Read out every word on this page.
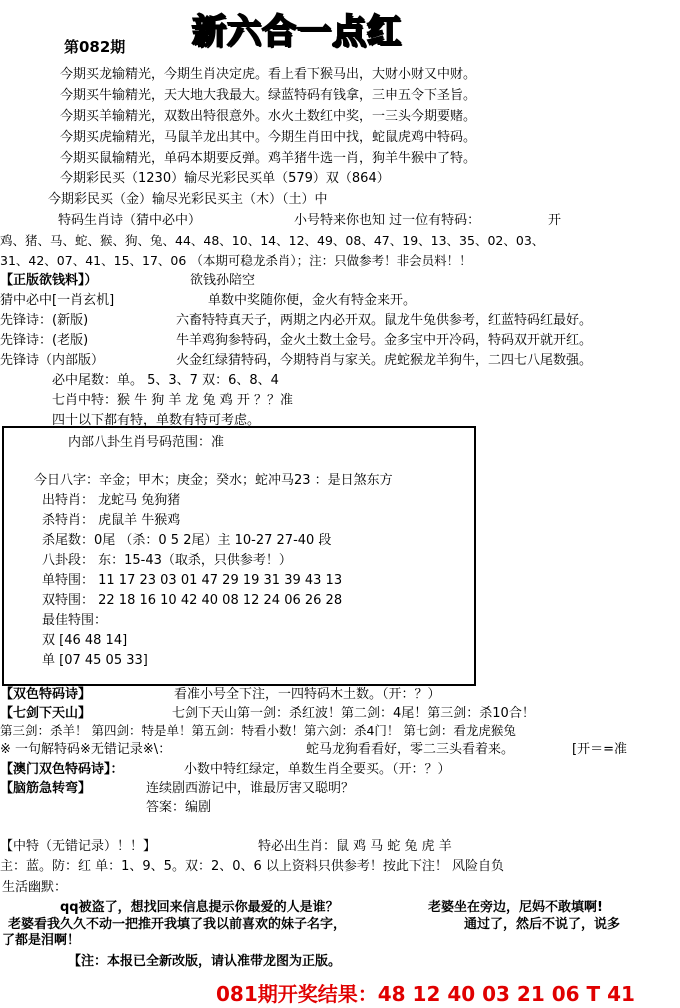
第082期 新六合一点红
今期买龙输精光，今期生肖决定虎。看上看下猴马出，大财小财又中财。
今期买牛输精光，天大地大我最大。绿蓝特码有钱拿，三申五令下圣旨。
今期买羊输精光，双数出特很意外。水火土数红中奖，一三头今期要赌。
今期买虎输精光，马鼠羊龙出其中。今期生肖田中找，蛇鼠虎鸡中特码。
今期买鼠输精光，单码本期要反弹。鸡羊猪牛选一肖，狗羊牛猴中了特。
今期彩民买（1230）输尽光彩民买单（579）双（864）
今期彩民买（金）输尽光彩民买主（木）（土）中
特码生肖诗（猜中必中）	小号特来你也知 过一位有特码：	开
鸡、猪、马、蛇、猴、狗、兔、44、48、10、14、12、49、08、47、19、13、35、02、03、
31、42、07、41、15、17、06 （本期可稳龙杀肖）；注：只做参考！非会员料！！
【正版欲钱料】）	欲钱孙陪空
猜中必中[一肖玄机]	单数中奖随你便，金火有特金来开。
先锋诗：(新版)	六畜特特真天子，两期之内必开双。鼠龙牛兔供参考，红蓝特码红最好。
先锋诗：(老版)	牛羊鸡狗参特码，金火土数土金号。金多宝中开冷码，特码双开就开红。
先锋诗（内部版）	火金红绿猜特码，今期特肖与家关。虎蛇猴龙羊狗牛，二四七八尾数强。
必中尾数：单。 5、3、7 双：6、8、4
七肖中特：猴 牛 狗 羊 龙 兔 鸡 开 ？？准
四十以下都有特，单数有特可考虑。
内部八卦生肖号码范围：准
今日八字：辛金；甲木；庚金；癸水；蛇冲马23 ：是日煞东方
出特肖： 龙蛇马 兔狗猪
杀特肖： 虎鼠羊 牛猴鸡
杀尾数：0尾 （杀：0 5 2尾）主 10-27 27-40 段
八卦段： 东：15-43（取杀，只供参考！）
单特围： 11 17 23 03 01 47 29 19 31 39 43 13
双特围： 22 18 16 10 42 40 08 12 24 06 26 28
最佳特围：
双 [46 48 14]
单 [07 45 05 33]
【双色特码诗】	看准小号全下注，一四特码木土数。（开：？）
【七剑下天山】	七剑下天山第一剑：杀红波！第二剑：4尾！第三剑：杀10合！
第三剑：杀羊！ 第四剑：特是单！第五剑：特看小数！第六剑：杀4门！ 第七剑：看龙虎猴兔
※ 一句解特码※无错记录※\：	蛇马龙狗看看好，零二三头看着来。	[开＝=准
【澳门双色特码诗】：	小数中特红绿定，单数生肖全要买。（开：？）
【脑筋急转弯】	连续剧西游记中，谁最厉害又聪明？
答案：编剧
【中特（无错记录）！！】	特必出生肖：鼠 鸡 马 蛇 兔 虎 羊
主：蓝。防：红 单：1、9、5。双：2、0、6 以上资料只供参考！按此下注！ 风险自负
生活幽默：
qq被盗了，想找回来信息提示你最爱的人是谁？	老婆坐在旁边，尼妈不敢填啊!
老婆看我久久不动一把推开我填了我以前喜欢的妹子名字，	通过了，然后不说了，说多
了都是泪啊！
【注：本报已全新改版，请认准带龙图为正版。
081期开奖结果：48 12 40 03 21 06 T 41
